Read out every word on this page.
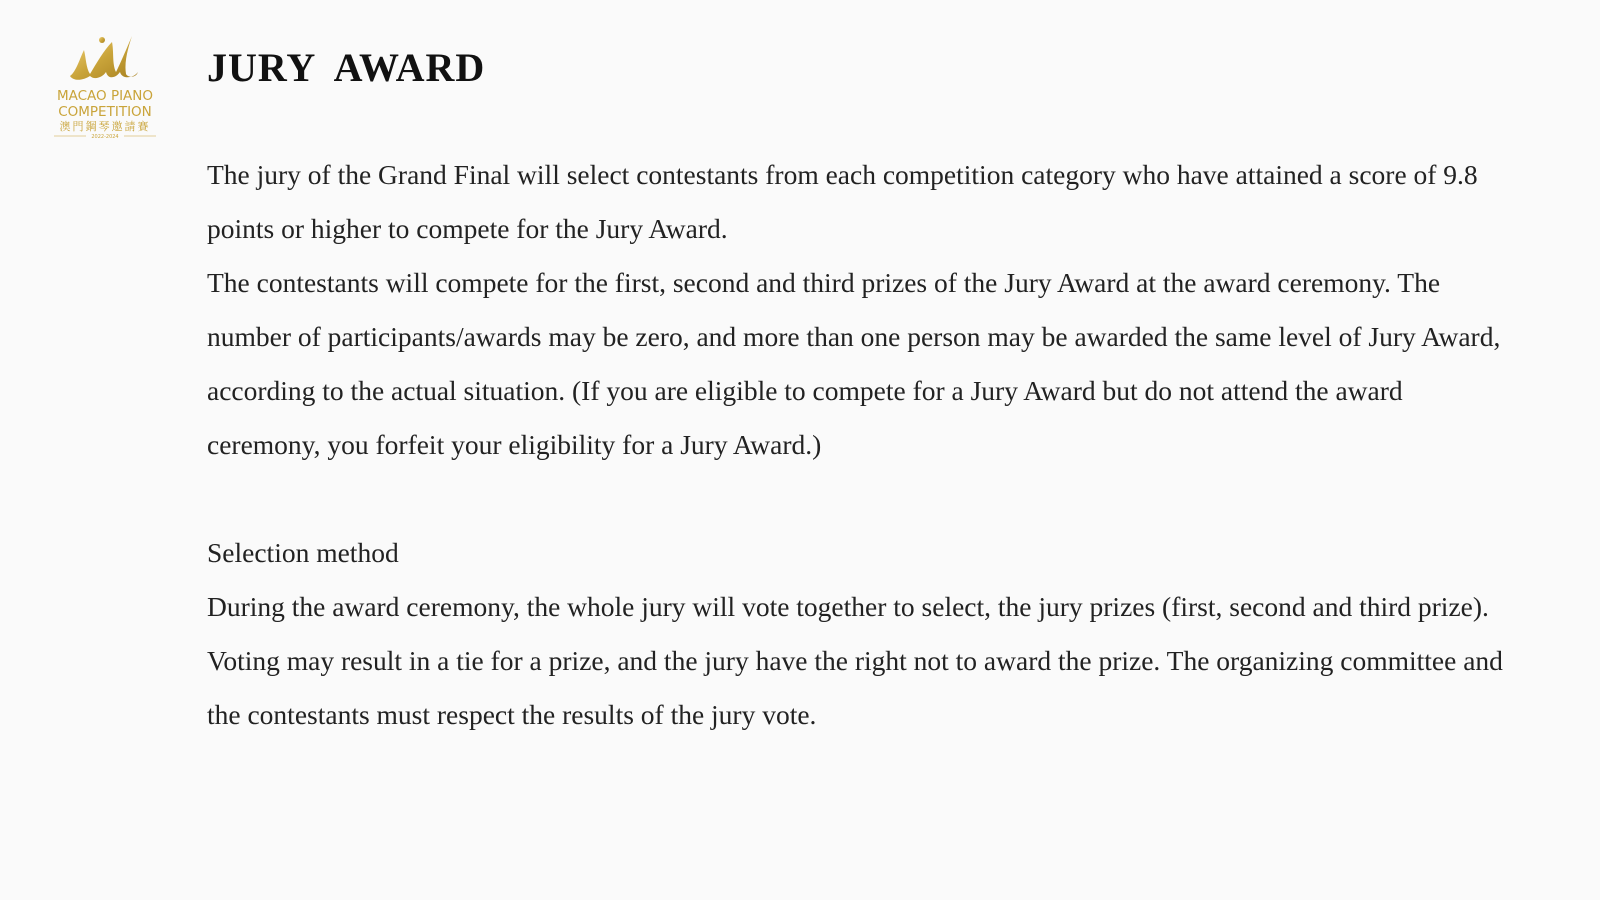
MACAO PIANO
COMPETITION
澳門鋼琴邀請賽
2022-2024
JURY AWARD

The jury of the Grand Final will select contestants from each competition category who have attained a score of 9.8 points or higher to compete for the Jury Award.

The contestants will compete for the first, second and third prizes of the Jury Award at the award ceremony. The number of participants/awards may be zero, and more than one person may be awarded the same level of Jury Award, according to the actual situation. (If you are eligible to compete for a Jury Award but do not attend the award ceremony, you forfeit your eligibility for a Jury Award.)

Selection method

During the award ceremony, the whole jury will vote together to select, the jury prizes (first, second and third prize). Voting may result in a tie for a prize, and the jury have the right not to award the prize. The organizing committee and the contestants must respect the results of the jury vote.
